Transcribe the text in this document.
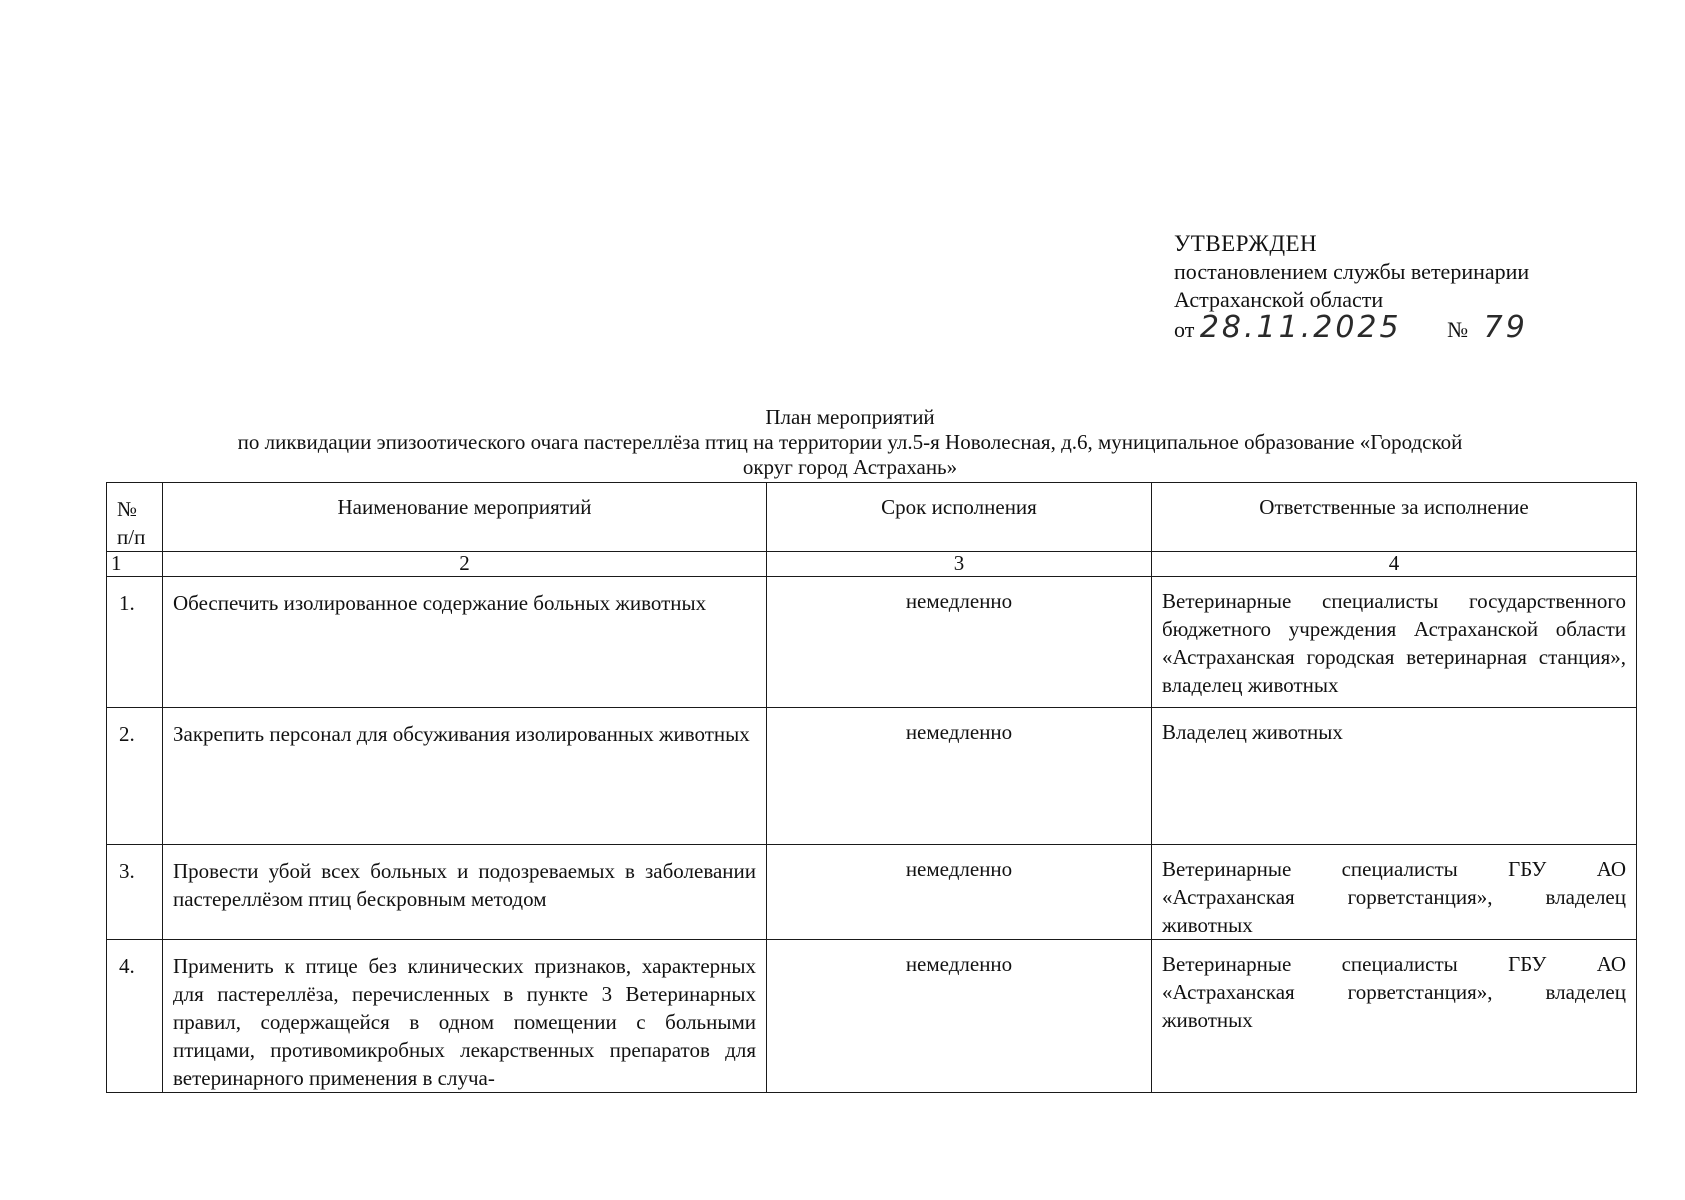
УТВЕРЖДЕН
постановлением службы ветеринарии
Астраханской области
от 28.11.2025 № 79
План мероприятий
по ликвидации эпизоотического очага пастереллёза птиц на территории ул.5-я Новолесная, д.6, муниципальное образование «Городской
округ город Астрахань»
№
п/п	Наименование мероприятий	Срок исполнения	Ответственные за исполнение

1	2	3	4

1.	Обеспечить изолированное содержание больных животных	немедленно	Ветеринарные специалисты государственного бюджетного учреждения Астраханской области «Астраханская городская ветеринарная станция», владелец животных

2.	Закрепить персонал для обсуживания изолированных животных	немедленно	Владелец животных

3.	Провести убой всех больных и подозреваемых в заболевании пастереллёзом птиц бескровным методом	немедленно	Ветеринарные специалисты ГБУ АО «Астраханская горветстанция», владелец животных

4.	Применить к птице без клинических признаков, характерных для пастереллёза, перечисленных в пункте 3 Ветеринарных правил, содержащейся в одном помещении с больными птицами, противомикробных лекарственных препаратов для ветеринарного применения в случа-	немедленно	Ветеринарные специалисты ГБУ АО «Астраханская горветстанция», владелец животных
